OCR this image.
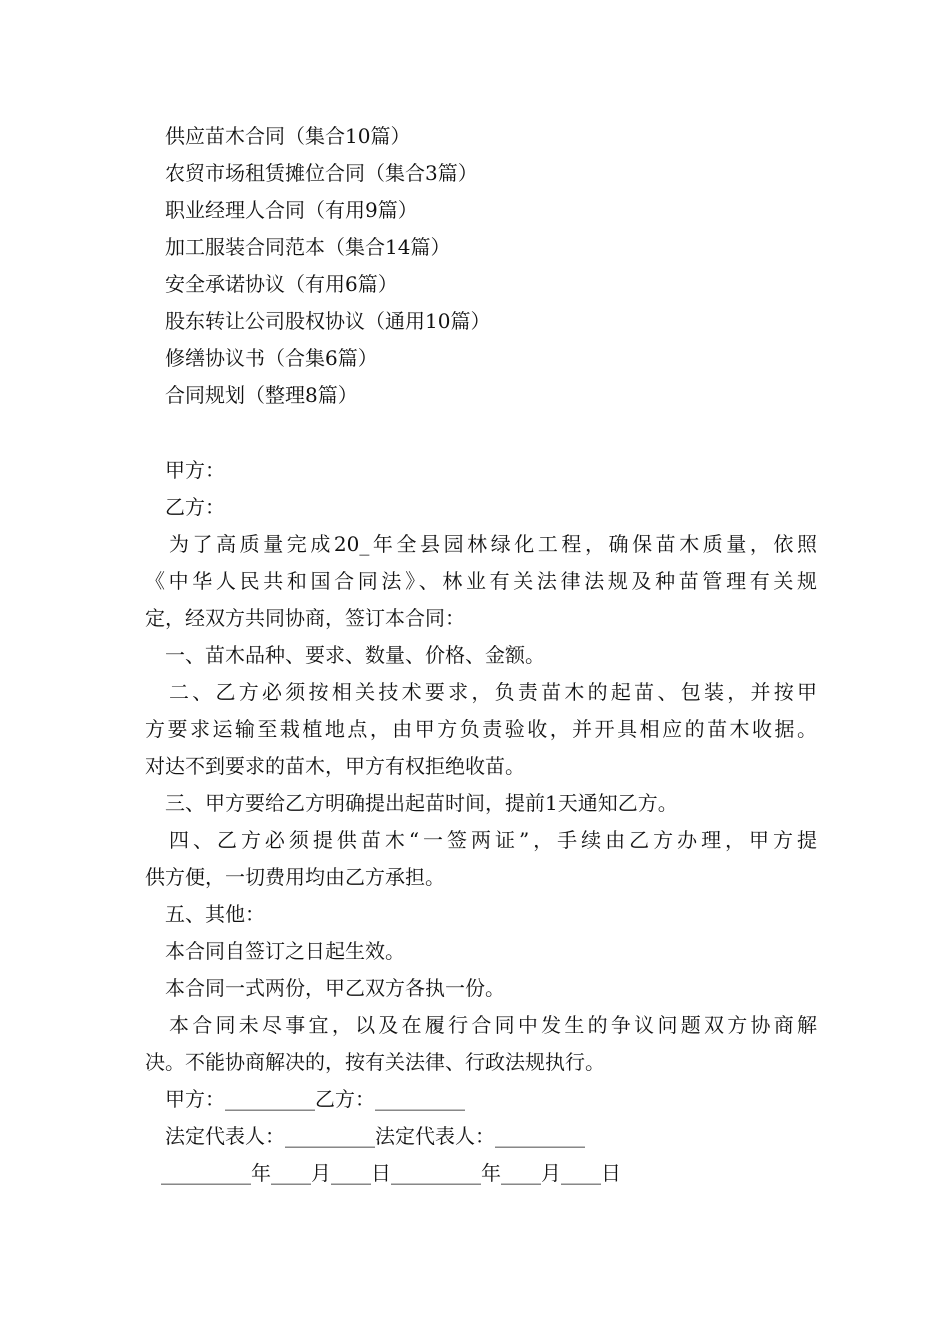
供应苗木合同（集合10篇）
农贸市场租赁摊位合同（集合3篇）
职业经理人合同（有用9篇）
加工服装合同范本（集合14篇）
安全承诺协议（有用6篇）
股东转让公司股权协议（通用10篇）
修缮协议书（合集6篇）
合同规划（整理8篇）
甲方：
乙方：
为了高质量完成20_年全县园林绿化工程，确保苗木质量，依照
《中华人民共和国合同法》、林业有关法律法规及种苗管理有关规
定，经双方共同协商，签订本合同：
一、苗木品种、要求、数量、价格、金额。
二、乙方必须按相关技术要求，负责苗木的起苗、包装，并按甲
方要求运输至栽植地点，由甲方负责验收，并开具相应的苗木收据。
对达不到要求的苗木，甲方有权拒绝收苗。
三、甲方要给乙方明确提出起苗时间，提前1天通知乙方。
四、乙方必须提供苗木“一签两证”，手续由乙方办理，甲方提
供方便，一切费用均由乙方承担。
五、其他：
本合同自签订之日起生效。
本合同一式两份，甲乙双方各执一份。
本合同未尽事宜，以及在履行合同中发生的争议问题双方协商解
决。不能协商解决的，按有关法律、行政法规执行。
甲方：_________乙方：_________
法定代表人：_________法定代表人：_________
_________年____月____日_________年____月____日
